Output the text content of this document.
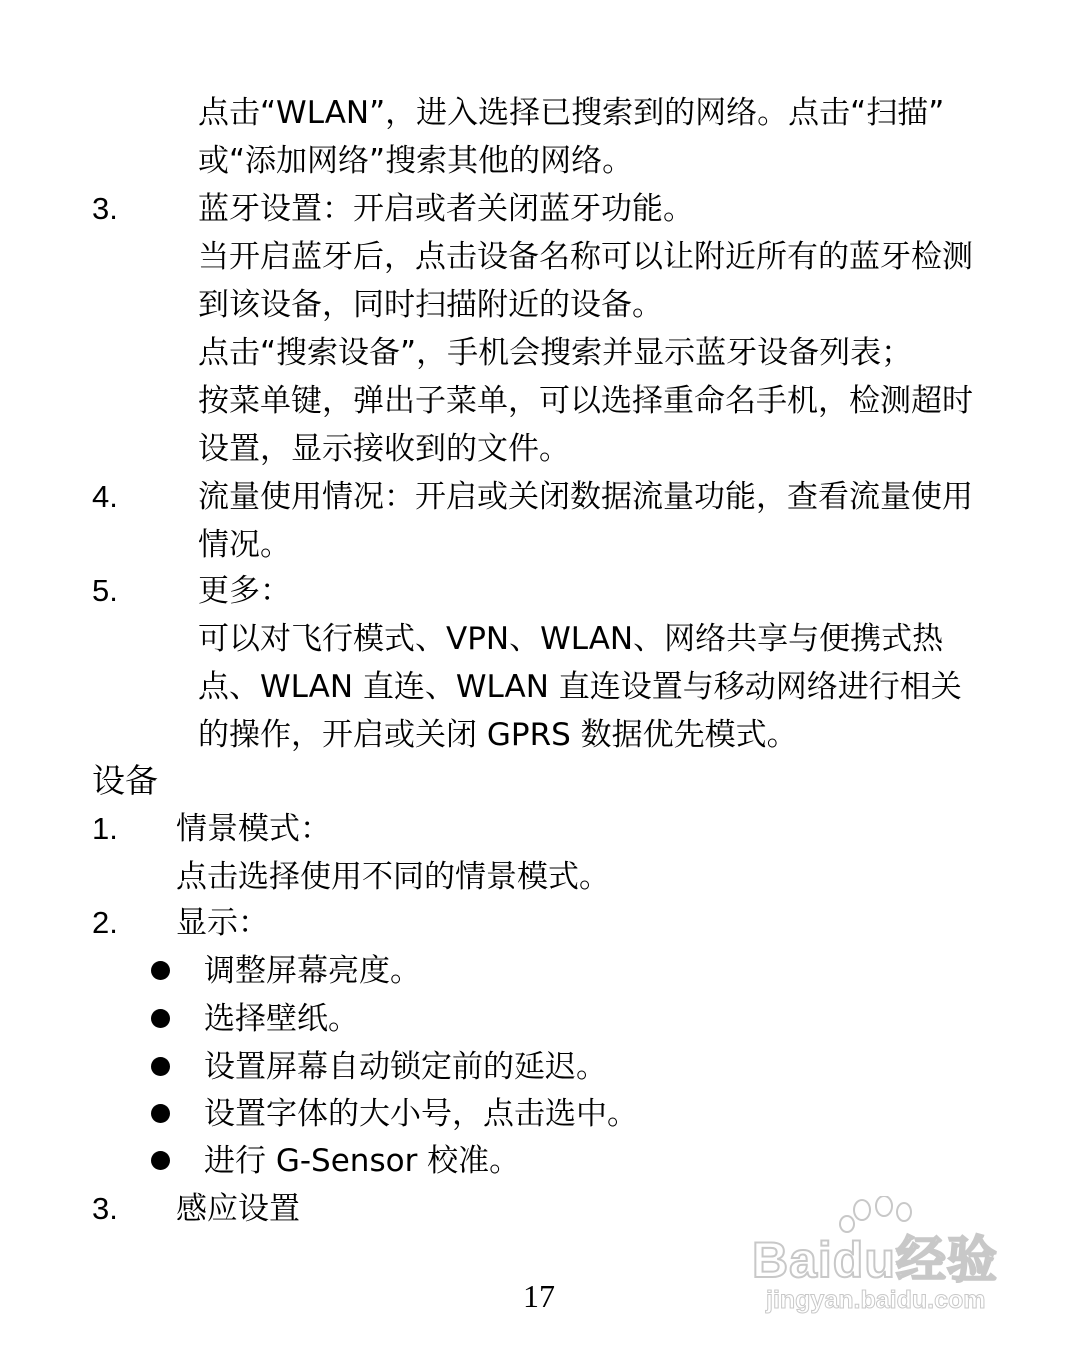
点击“WLAN”，进入选择已搜索到的网络。点击“扫描”
或“添加网络”搜索其他的网络。
3.	蓝牙设置：开启或者关闭蓝牙功能。
当开启蓝牙后，点击设备名称可以让附近所有的蓝牙检测
到该设备，同时扫描附近的设备。
点击“搜索设备”，手机会搜索并显示蓝牙设备列表；
按菜单键，弹出子菜单，可以选择重命名手机，检测超时
设置，显示接收到的文件。
4.	流量使用情况：开启或关闭数据流量功能，查看流量使用
情况。
5.	更多：
可以对飞行模式、VPN、WLAN、网络共享与便携式热
点、WLAN 直连、WLAN 直连设置与移动网络进行相关
的操作，开启或关闭 GPRS 数据优先模式。
设备
1. 情景模式：
点击选择使用不同的情景模式。
2. 显示：
调整屏幕亮度。
选择壁纸。
设置屏幕自动锁定前的延迟。
设置字体的大小号，点击选中。
进行 G-Sensor 校准。
3. 感应设置
17
Baidu经验
jingyan.baidu.com
